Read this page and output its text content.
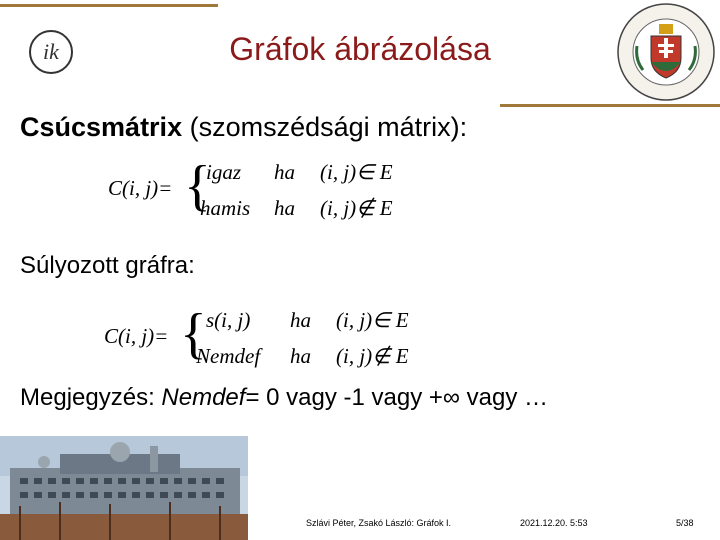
ik	Gráfok ábrázolása
Csúcsmátrix (szomszédsági mátrix):
C(i, j)= {
igaz ha (i, j)∈ E
hamis ha (i, j)∉ E
Súlyozott gráfra:
C(i, j)= { s(i, j) ha (i, j)∈ E
Nemdef ha (i, j)∉ E
Megjegyzés: Nemdef= 0 vagy -1 vagy +∞ vagy …
Szlávi Péter, Zsakó László: Gráfok I.	2021.12.20. 5:53	5/38
